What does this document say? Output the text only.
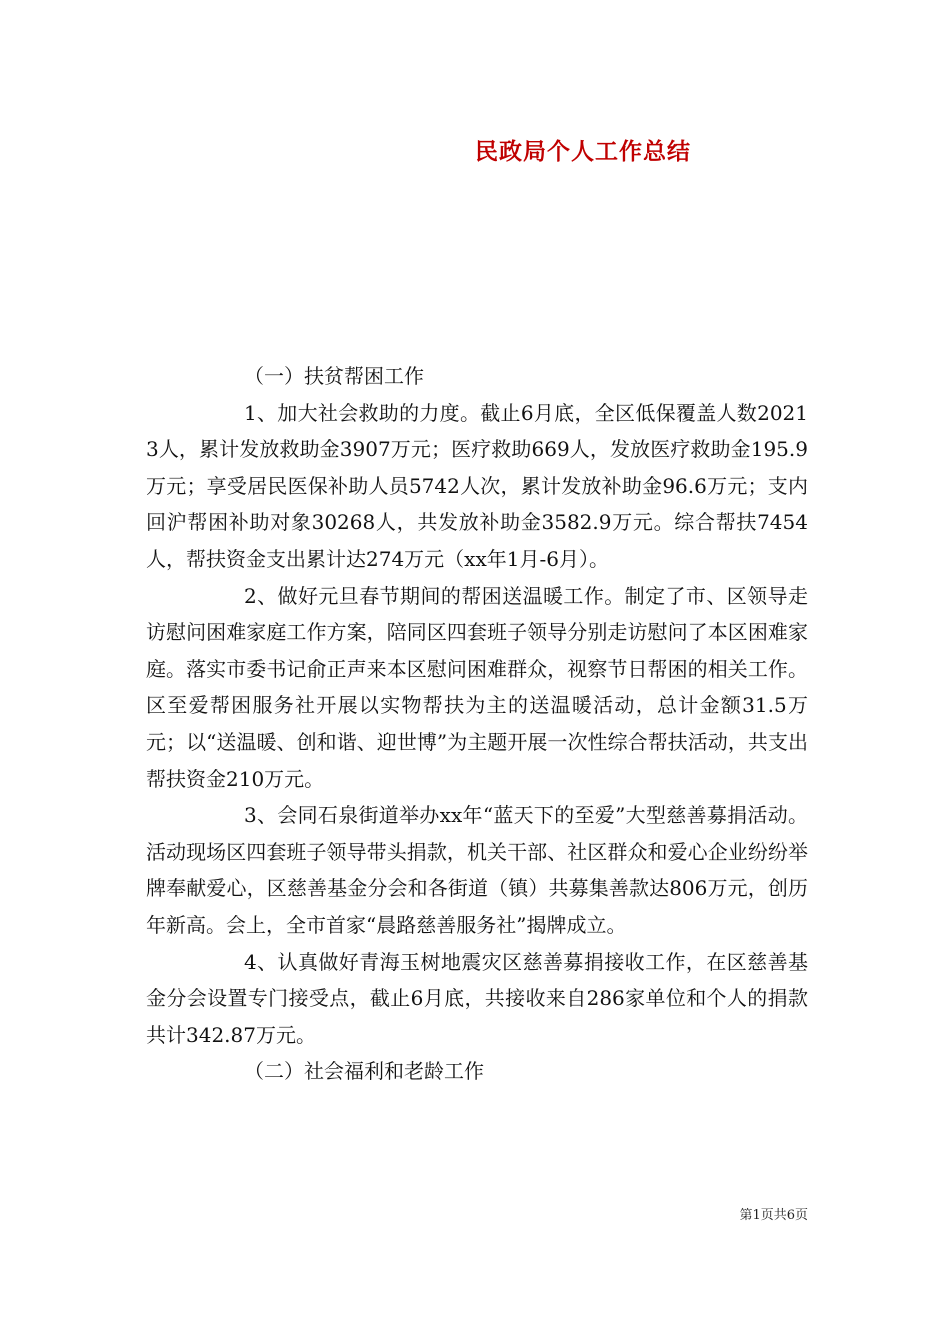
民政局个人工作总结

（一）扶贫帮困工作

1、加大社会救助的力度。截止6月底，全区低保覆盖人数20213人，累计发放救助金3907万元；医疗救助669人，发放医疗救助金195.9万元；享受居民医保补助人员5742人次，累计发放补助金96.6万元；支内回沪帮困补助对象30268人，共发放补助金3582.9万元。综合帮扶7454人，帮扶资金支出累计达274万元（xx年1月-6月）。

2、做好元旦春节期间的帮困送温暖工作。制定了市、区领导走访慰问困难家庭工作方案，陪同区四套班子领导分别走访慰问了本区困难家庭。落实市委书记俞正声来本区慰问困难群众，视察节日帮困的相关工作。区至爱帮困服务社开展以实物帮扶为主的送温暖活动，总计金额31.5万元；以“送温暖、创和谐、迎世博”为主题开展一次性综合帮扶活动，共支出帮扶资金210万元。

3、会同石泉街道举办xx年“蓝天下的至爱”大型慈善募捐活动。活动现场区四套班子领导带头捐款，机关干部、社区群众和爱心企业纷纷举牌奉献爱心，区慈善基金分会和各街道（镇）共募集善款达806万元，创历年新高。会上，全市首家“晨路慈善服务社”揭牌成立。

4、认真做好青海玉树地震灾区慈善募捐接收工作，在区慈善基金分会设置专门接受点，截止6月底，共接收来自286家单位和个人的捐款共计342.87万元。

（二）社会福利和老龄工作

第1页共6页
